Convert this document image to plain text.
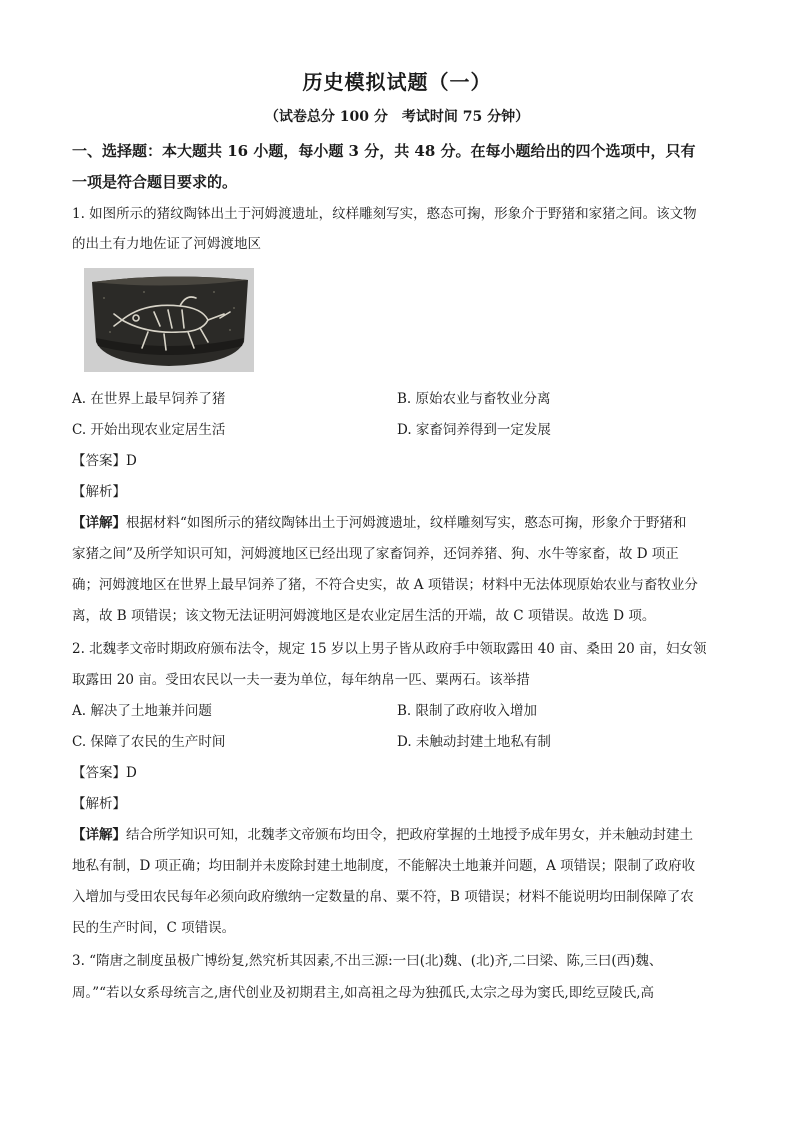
历史模拟试题（一）
（试卷总分 100 分　考试时间 75 分钟）
一、选择题：本大题共 16 小题，每小题 3 分，共 48 分。在每小题给出的四个选项中，只有
一项是符合题目要求的。
1. 如图所示的猪纹陶钵出土于河姆渡遗址，纹样雕刻写实，憨态可掬，形象介于野猪和家猪之间。该文物
的出土有力地佐证了河姆渡地区
A. 在世界上最早饲养了猪	B. 原始农业与畜牧业分离
C. 开始出现农业定居生活	D. 家畜饲养得到一定发展
【答案】D
【解析】
【详解】根据材料“如图所示的猪纹陶钵出土于河姆渡遗址，纹样雕刻写实，憨态可掬，形象介于野猪和
家猪之间”及所学知识可知，河姆渡地区已经出现了家畜饲养，还饲养猪、狗、水牛等家畜，故 D 项正
确；河姆渡地区在世界上最早饲养了猪，不符合史实，故 A 项错误；材料中无法体现原始农业与畜牧业分
离，故 B 项错误；该文物无法证明河姆渡地区是农业定居生活的开端，故 C 项错误。故选 D 项。
2. 北魏孝文帝时期政府颁布法令，规定 15 岁以上男子皆从政府手中领取露田 40 亩、桑田 20 亩，妇女领
取露田 20 亩。受田农民以一夫一妻为单位，每年纳帛一匹、粟两石。该举措
A. 解决了土地兼并问题	B. 限制了政府收入增加
C. 保障了农民的生产时间	D. 未触动封建土地私有制
【答案】D
【解析】
【详解】结合所学知识可知，北魏孝文帝颁布均田令，把政府掌握的土地授予成年男女，并未触动封建土
地私有制，D 项正确；均田制并未废除封建土地制度，不能解决土地兼并问题，A 项错误；限制了政府收
入增加与受田农民每年必须向政府缴纳一定数量的帛、粟不符，B 项错误；材料不能说明均田制保障了农
民的生产时间，C 项错误。
3. “隋唐之制度虽极广博纷复,然究析其因素,不出三源:一曰(北)魏、(北)齐,二曰梁、陈,三曰(西)魏、
周。”“若以女系母统言之,唐代创业及初期君主,如高祖之母为独孤氏,太宗之母为窦氏,即纥豆陵氏,高
